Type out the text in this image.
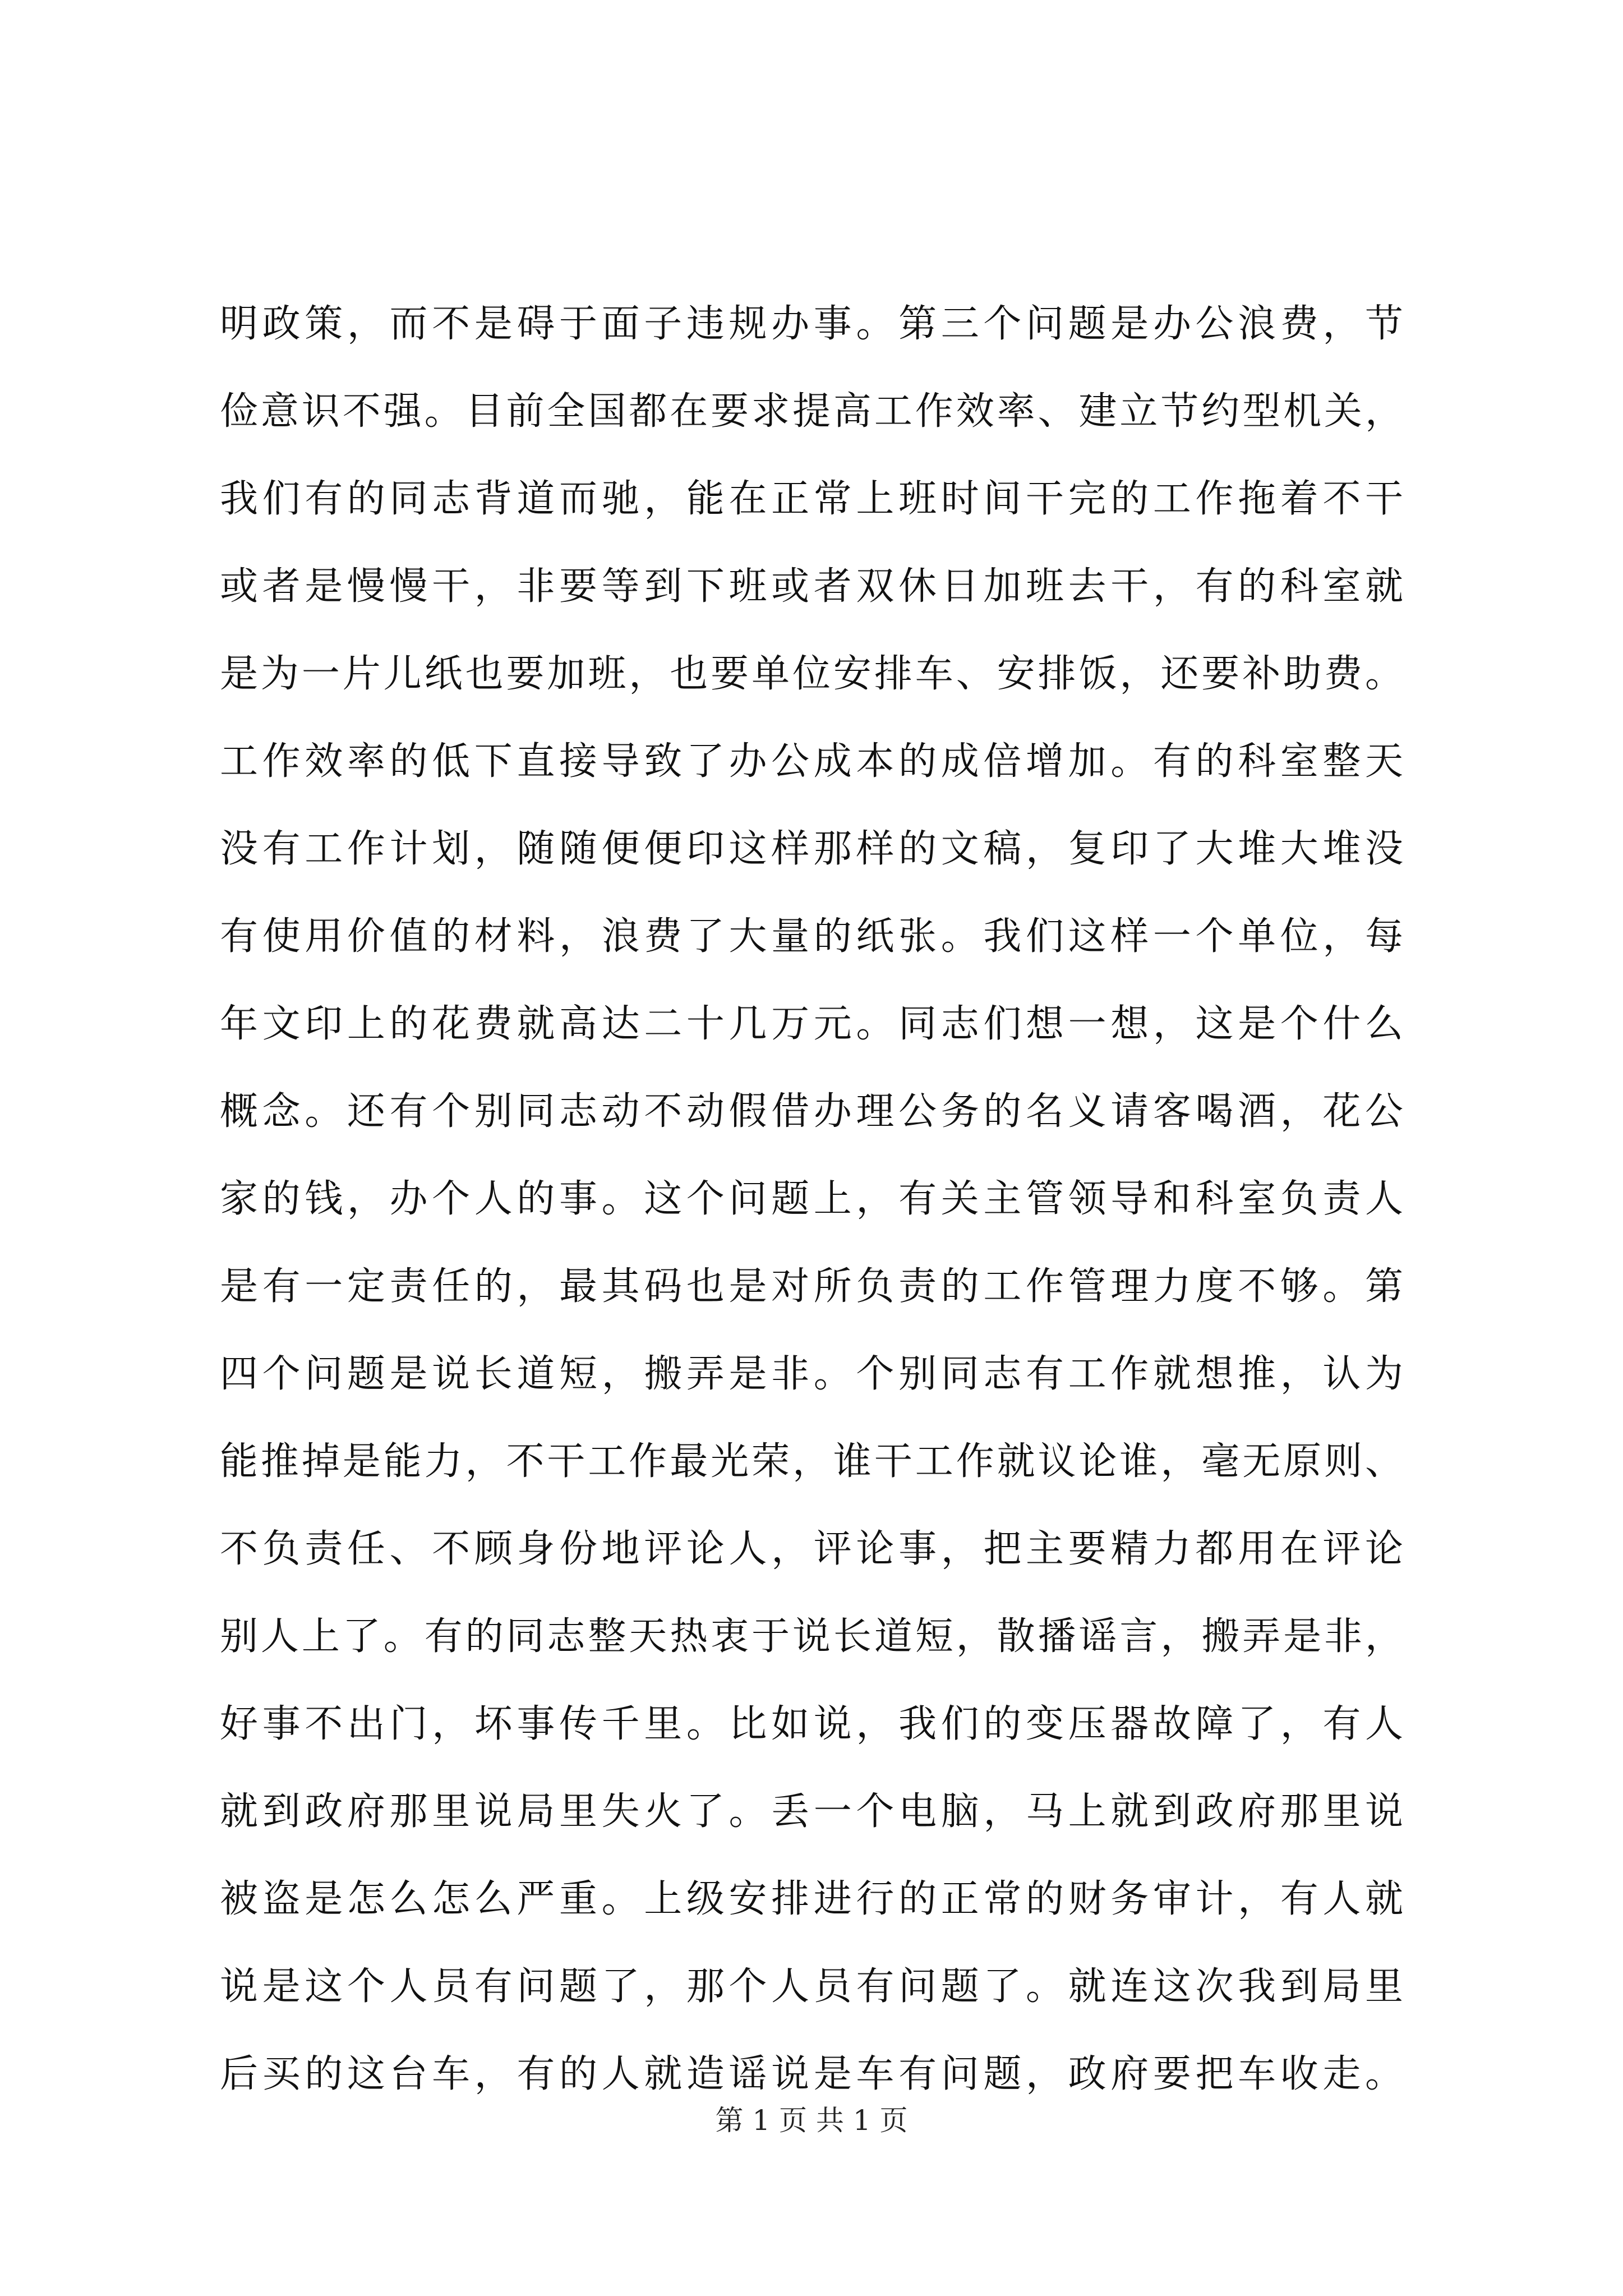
明政策，而不是碍于面子违规办事。第三个问题是办公浪费，节
俭意识不强。目前全国都在要求提高工作效率、建立节约型机关，
我们有的同志背道而驰，能在正常上班时间干完的工作拖着不干
或者是慢慢干，非要等到下班或者双休日加班去干，有的科室就
是为一片儿纸也要加班，也要单位安排车、安排饭，还要补助费。
工作效率的低下直接导致了办公成本的成倍增加。有的科室整天
没有工作计划，随随便便印这样那样的文稿，复印了大堆大堆没
有使用价值的材料，浪费了大量的纸张。我们这样一个单位，每
年文印上的花费就高达二十几万元。同志们想一想，这是个什么
概念。还有个别同志动不动假借办理公务的名义请客喝酒，花公
家的钱，办个人的事。这个问题上，有关主管领导和科室负责人
是有一定责任的，最其码也是对所负责的工作管理力度不够。第
四个问题是说长道短，搬弄是非。个别同志有工作就想推，认为
能推掉是能力，不干工作最光荣，谁干工作就议论谁，毫无原则、
不负责任、不顾身份地评论人，评论事，把主要精力都用在评论
别人上了。有的同志整天热衷于说长道短，散播谣言，搬弄是非，
好事不出门，坏事传千里。比如说，我们的变压器故障了，有人
就到政府那里说局里失火了。丢一个电脑，马上就到政府那里说
被盗是怎么怎么严重。上级安排进行的正常的财务审计，有人就
说是这个人员有问题了，那个人员有问题了。就连这次我到局里
后买的这台车，有的人就造谣说是车有问题，政府要把车收走。
第 1 页 共 1 页
